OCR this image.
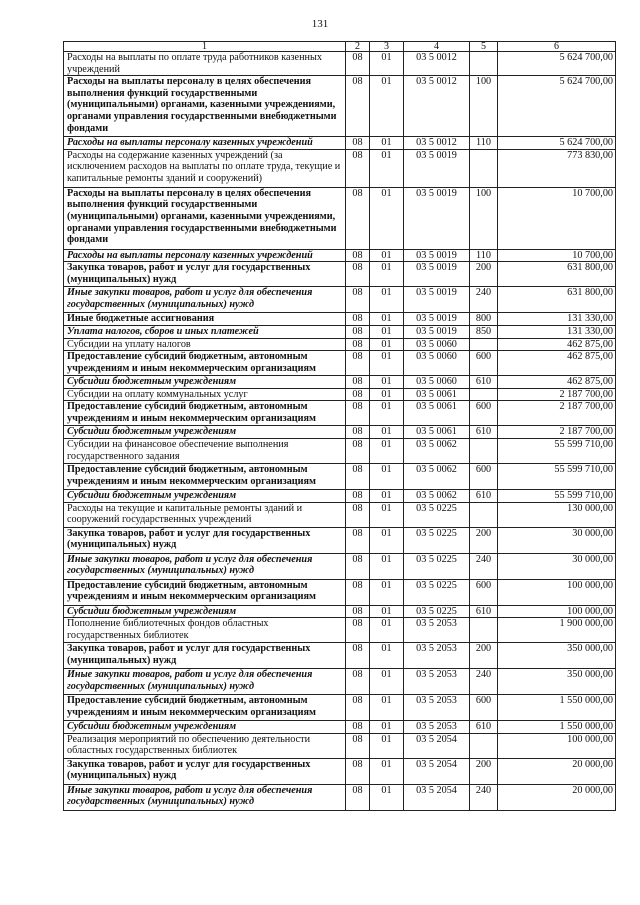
131
1	2	3	4	5	6
Расходы на выплаты по оплате труда работников казенных учреждений	08	01	03 5 0012		5 624 700,00
Расходы на выплаты персоналу в целях обеспечения выполнения функций государственными (муниципальными) органами, казенными учреждениями, органами управления государственными внебюджетными фондами	08	01	03 5 0012	100	5 624 700,00
Расходы на выплаты персоналу казенных учреждений	08	01	03 5 0012	110	5 624 700,00
Расходы на содержание казенных учреждений (за исключением расходов на выплаты по оплате труда, текущие и капитальные ремонты зданий и сооружений)	08	01	03 5 0019		773 830,00
Расходы на выплаты персоналу в целях обеспечения выполнения функций государственными (муниципальными) органами, казенными учреждениями, органами управления государственными внебюджетными фондами	08	01	03 5 0019	100	10 700,00
Расходы на выплаты персоналу казенных учреждений	08	01	03 5 0019	110	10 700,00
Закупка товаров, работ и услуг для государственных (муниципальных) нужд	08	01	03 5 0019	200	631 800,00
Иные закупки товаров, работ и услуг для обеспечения государственных (муниципальных) нужд	08	01	03 5 0019	240	631 800,00
Иные бюджетные ассигнования	08	01	03 5 0019	800	131 330,00
Уплата налогов, сборов и иных платежей	08	01	03 5 0019	850	131 330,00
Субсидии на уплату налогов	08	01	03 5 0060		462 875,00
Предоставление субсидий бюджетным, автономным учреждениям и иным некоммерческим организациям	08	01	03 5 0060	600	462 875,00
Субсидии бюджетным учреждениям	08	01	03 5 0060	610	462 875,00
Субсидии на оплату коммунальных услуг	08	01	03 5 0061		2 187 700,00
Предоставление субсидий бюджетным, автономным учреждениям и иным некоммерческим организациям	08	01	03 5 0061	600	2 187 700,00
Субсидии бюджетным учреждениям	08	01	03 5 0061	610	2 187 700,00
Субсидии на финансовое обеспечение выполнения государственного задания	08	01	03 5 0062		55 599 710,00
Предоставление субсидий бюджетным, автономным учреждениям и иным некоммерческим организациям	08	01	03 5 0062	600	55 599 710,00
Субсидии бюджетным учреждениям	08	01	03 5 0062	610	55 599 710,00
Расходы на текущие и капитальные ремонты зданий и сооружений государственных учреждений	08	01	03 5 0225		130 000,00
Закупка товаров, работ и услуг для государственных (муниципальных) нужд	08	01	03 5 0225	200	30 000,00
Иные закупки товаров, работ и услуг для обеспечения государственных (муниципальных) нужд	08	01	03 5 0225	240	30 000,00
Предоставление субсидий бюджетным, автономным учреждениям и иным некоммерческим организациям	08	01	03 5 0225	600	100 000,00
Субсидии бюджетным учреждениям	08	01	03 5 0225	610	100 000,00
Пополнение библиотечных фондов областных государственных библиотек	08	01	03 5 2053		1 900 000,00
Закупка товаров, работ и услуг для государственных (муниципальных) нужд	08	01	03 5 2053	200	350 000,00
Иные закупки товаров, работ и услуг для обеспечения государственных (муниципальных) нужд	08	01	03 5 2053	240	350 000,00
Предоставление субсидий бюджетным, автономным учреждениям и иным некоммерческим организациям	08	01	03 5 2053	600	1 550 000,00
Субсидии бюджетным учреждениям	08	01	03 5 2053	610	1 550 000,00
Реализация мероприятий по обеспечению деятельности областных государственных библиотек	08	01	03 5 2054		100 000,00
Закупка товаров, работ и услуг для государственных (муниципальных) нужд	08	01	03 5 2054	200	20 000,00
Иные закупки товаров, работ и услуг для обеспечения государственных (муниципальных) нужд	08	01	03 5 2054	240	20 000,00
